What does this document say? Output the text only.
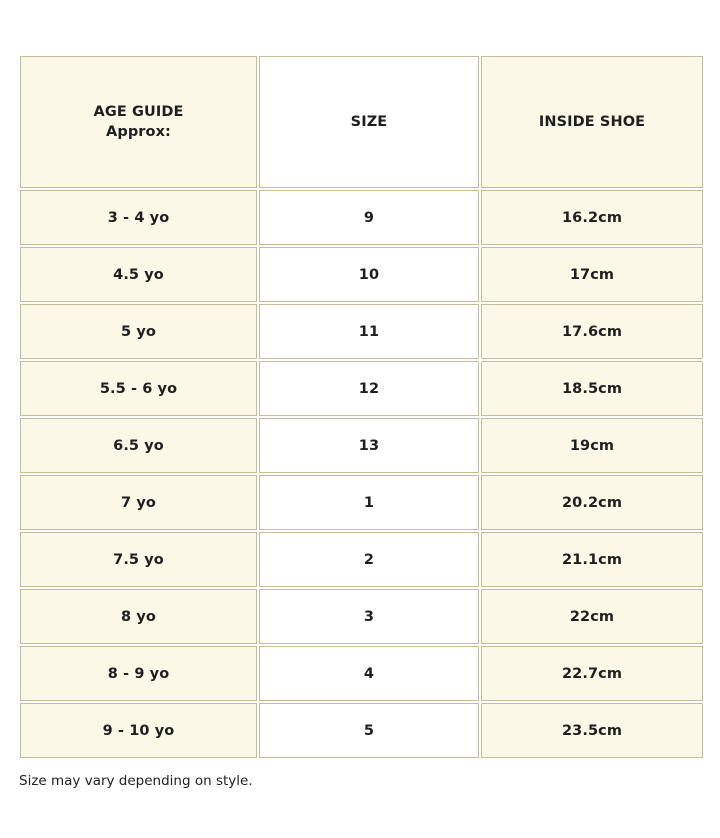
AGE GUIDE
Approx:	SIZE	INSIDE SHOE
3 - 4 yo	9	16.2cm
4.5 yo	10	17cm
5 yo	11	17.6cm
5.5 - 6 yo	12	18.5cm
6.5 yo	13	19cm
7 yo	1	20.2cm
7.5 yo	2	21.1cm
8 yo	3	22cm
8 - 9 yo	4	22.7cm
9 - 10 yo	5	23.5cm
Size may vary depending on style.
